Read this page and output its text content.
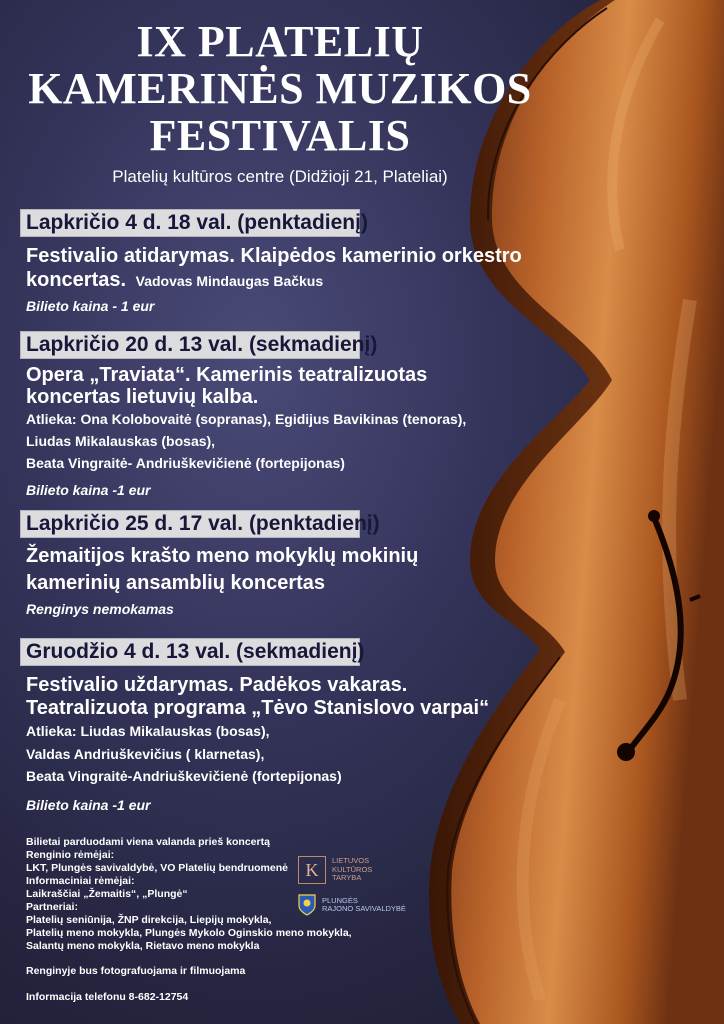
IX PLATELIŲ
KAMERINĖS MUZIKOS
FESTIVALIS
Platelių kultūros centre (Didžioji 21, Plateliai)
Lapkričio 4 d. 18 val. (penktadienį)
Festivalio atidarymas. Klaipėdos kamerinio orkestro
koncertas. Vadovas Mindaugas Bačkus
Bilieto kaina - 1 eur
Lapkričio 20 d. 13 val. (sekmadienį)
Opera „Traviata“. Kamerinis teatralizuotas
koncertas lietuvių kalba.
Atlieka: Ona Kolobovaitė (sopranas), Egidijus Bavikinas (tenoras),
Liudas Mikalauskas (bosas),
Beata Vingraitė- Andriuškevičienė (fortepijonas)
Bilieto kaina -1 eur
Lapkričio 25 d. 17 val. (penktadienį)
Žemaitijos krašto meno mokyklų mokinių
kamerinių ansamblių koncertas
Renginys nemokamas
Gruodžio 4 d. 13 val. (sekmadienį)
Festivalio uždarymas. Padėkos vakaras.
Teatralizuota programa „Tėvo Stanislovo varpai“
Atlieka: Liudas Mikalauskas (bosas),
Valdas Andriuškevičius ( klarnetas),
Beata Vingraitė-Andriuškevičienė (fortepijonas)
Bilieto kaina -1 eur
Bilietai parduodami viena valanda prieš koncertą
Renginio rėmėjai:
LKT, Plungės savivaldybė, VO Platelių bendruomenė
Informaciniai rėmėjai:
Laikraščiai „Žemaitis“, „Plungė“
Partneriai:
Platelių seniūnija, ŽNP direkcija, Liepijų mokykla,
Platelių meno mokykla, Plungės Mykolo Oginskio meno mokykla,
Salantų meno mokykla, Rietavo meno mokykla
Renginyje bus fotografuojama ir filmuojama
Informacija telefonu 8-682-12754
K	LIETUVOS
KULTŪROS
TARYBA
PLUNGĖS
RAJONO SAVIVALDYBĖ
